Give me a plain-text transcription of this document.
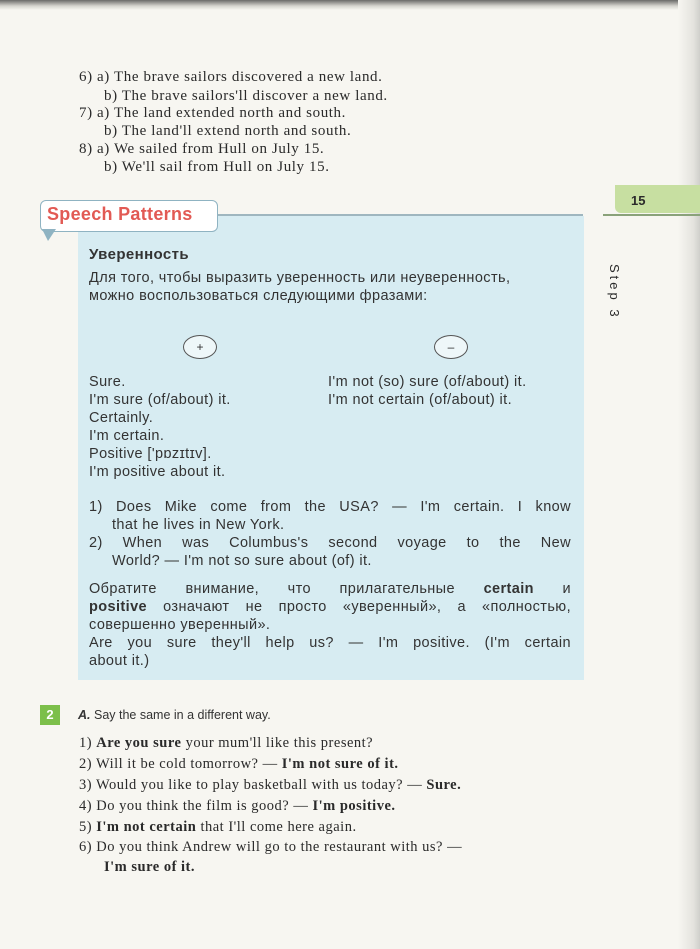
6) a) The brave sailors discovered a new land.
b) The brave sailors'll discover a new land.
7) a) The land extended north and south.
b) The land'll extend north and south.
8) a) We sailed from Hull on July 15.
b) We'll sail from Hull on July 15.
15
Step 3
Speech Patterns
Уверенность
Для того, чтобы выразить уверенность или неуверенность,
можно воспользоваться следующими фразами:
+	–
Sure.
I'm sure (of/about) it.
Certainly.
I'm certain.
Positive ['pɒzɪtɪv].
I'm positive about it.
I'm not (so) sure (of/about) it.
I'm not certain (of/about) it.
1) Does Mike come from the USA? — I'm certain. I know
that he lives in New York.
2) When was Columbus's second voyage to the New
World? — I'm not so sure about (of) it.
Обратите внимание, что прилагательные certain и
positive означают не просто «уверенный», а «полностью,
совершенно уверенный».
Are you sure they'll help us? — I'm positive. (I'm certain
about it.)
2	A. Say the same in a different way.
1) Are you sure your mum'll like this present?
2) Will it be cold tomorrow? — I'm not sure of it.
3) Would you like to play basketball with us today? — Sure.
4) Do you think the film is good? — I'm positive.
5) I'm not certain that I'll come here again.
6) Do you think Andrew will go to the restaurant with us? —
I'm sure of it.
